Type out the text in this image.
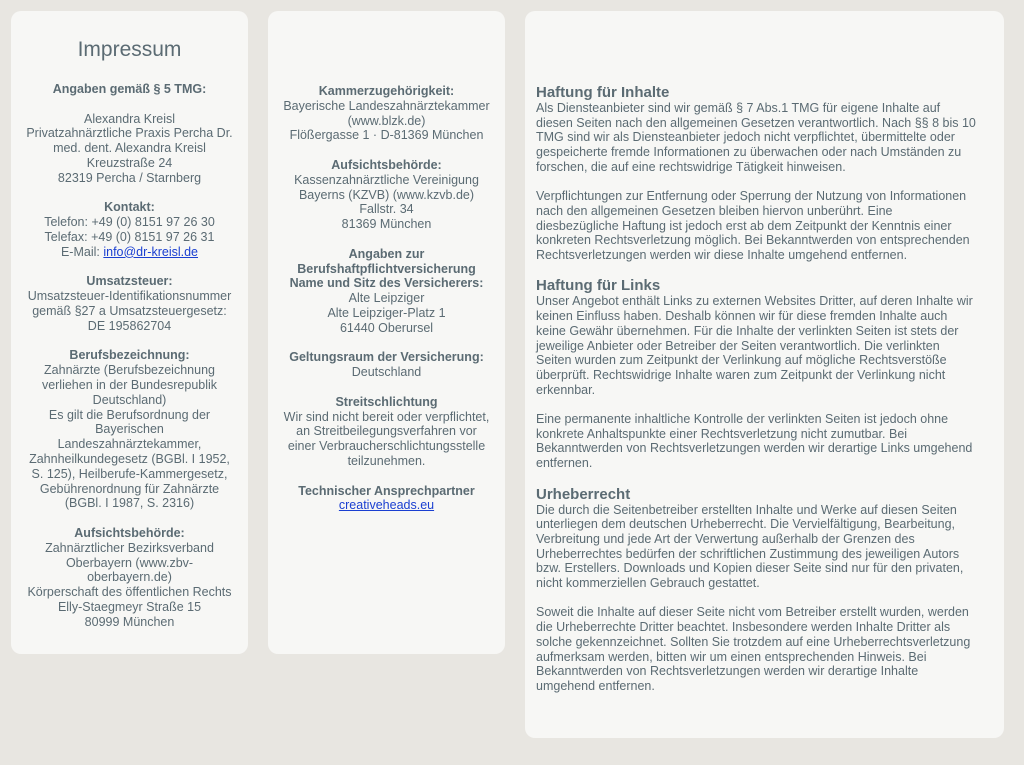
Impressum
Angaben gemäß § 5 TMG:
Alexandra Kreisl
Privatzahnärztliche Praxis Percha Dr.
med. dent. Alexandra Kreisl
Kreuzstraße 24
82319 Percha / Starnberg
Kontakt:
Telefon: +49 (0) 8151 97 26 30
Telefax: +49 (0) 8151 97 26 31
E-Mail: info@dr-kreisl.de
Umsatzsteuer:
Umsatzsteuer-Identifikationsnummer
gemäß §27 a Umsatzsteuergesetz:
DE 195862704
Berufsbezeichnung:
Zahnärzte (Berufsbezeichnung
verliehen in der Bundesrepublik
Deutschland)
Es gilt die Berufsordnung der
Bayerischen
Landeszahnärztekammer,
Zahnheilkundegesetz (BGBl. I 1952,
S. 125), Heilberufe-Kammergesetz,
Gebührenordnung für Zahnärzte
(BGBl. I 1987, S. 2316)
Aufsichtsbehörde:
Zahnärztlicher Bezirksverband
Oberbayern (www.zbv-
oberbayern.de)
Körperschaft des öffentlichen Rechts
Elly-Staegmeyr Straße 15
80999 München
Kammerzugehörigkeit:
Bayerische Landeszahnärztekammer
(www.blzk.de)
Flößergasse 1 · D-81369 München
Aufsichtsbehörde:
Kassenzahnärztliche Vereinigung
Bayerns (KZVB) (www.kzvb.de)
Fallstr. 34
81369 München
Angaben zur
Berufshaftpflichtversicherung
Name und Sitz des Versicherers:
Alte Leipziger
Alte Leipziger-Platz 1
61440 Oberursel
Geltungsraum der Versicherung:
Deutschland
Streitschlichtung
Wir sind nicht bereit oder verpflichtet,
an Streitbeilegungsverfahren vor
einer Verbraucherschlichtungsstelle
teilzunehmen.
Technischer Ansprechpartner
creativeheads.eu
Haftung für Inhalte

Als Diensteanbieter sind wir gemäß § 7 Abs.1 TMG für eigene Inhalte auf
diesen Seiten nach den allgemeinen Gesetzen verantwortlich. Nach §§ 8 bis 10
TMG sind wir als Diensteanbieter jedoch nicht verpflichtet, übermittelte oder
gespeicherte fremde Informationen zu überwachen oder nach Umständen zu
forschen, die auf eine rechtswidrige Tätigkeit hinweisen.

Verpflichtungen zur Entfernung oder Sperrung der Nutzung von Informationen
nach den allgemeinen Gesetzen bleiben hiervon unberührt. Eine
diesbezügliche Haftung ist jedoch erst ab dem Zeitpunkt der Kenntnis einer
konkreten Rechtsverletzung möglich. Bei Bekanntwerden von entsprechenden
Rechtsverletzungen werden wir diese Inhalte umgehend entfernen.

Haftung für Links

Unser Angebot enthält Links zu externen Websites Dritter, auf deren Inhalte wir
keinen Einfluss haben. Deshalb können wir für diese fremden Inhalte auch
keine Gewähr übernehmen. Für die Inhalte der verlinkten Seiten ist stets der
jeweilige Anbieter oder Betreiber der Seiten verantwortlich. Die verlinkten
Seiten wurden zum Zeitpunkt der Verlinkung auf mögliche Rechtsverstöße
überprüft. Rechtswidrige Inhalte waren zum Zeitpunkt der Verlinkung nicht
erkennbar.

Eine permanente inhaltliche Kontrolle der verlinkten Seiten ist jedoch ohne
konkrete Anhaltspunkte einer Rechtsverletzung nicht zumutbar. Bei
Bekanntwerden von Rechtsverletzungen werden wir derartige Links umgehend
entfernen.

Urheberrecht

Die durch die Seitenbetreiber erstellten Inhalte und Werke auf diesen Seiten
unterliegen dem deutschen Urheberrecht. Die Vervielfältigung, Bearbeitung,
Verbreitung und jede Art der Verwertung außerhalb der Grenzen des
Urheberrechtes bedürfen der schriftlichen Zustimmung des jeweiligen Autors
bzw. Erstellers. Downloads und Kopien dieser Seite sind nur für den privaten,
nicht kommerziellen Gebrauch gestattet.

Soweit die Inhalte auf dieser Seite nicht vom Betreiber erstellt wurden, werden
die Urheberrechte Dritter beachtet. Insbesondere werden Inhalte Dritter als
solche gekennzeichnet. Sollten Sie trotzdem auf eine Urheberrechtsverletzung
aufmerksam werden, bitten wir um einen entsprechenden Hinweis. Bei
Bekanntwerden von Rechtsverletzungen werden wir derartige Inhalte
umgehend entfernen.
